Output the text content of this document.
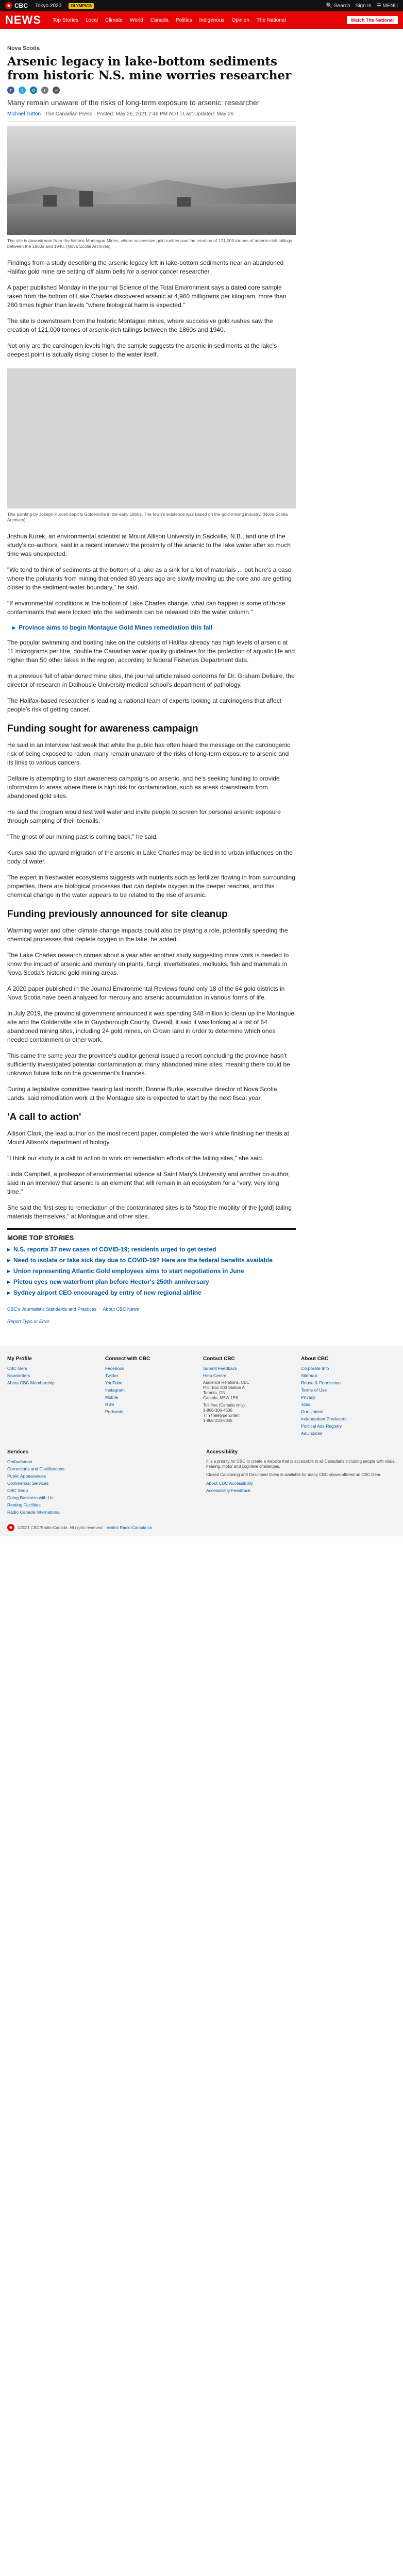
CBC Tokyo 2020	OLYMPICS	🔍 Search Sign In ☰ MENU
NEWS Top Stories Local Climate World Canada Politics Indigenous Opinion The National	Watch The National
Nova Scotia
Arsenic legacy in lake-bottom sediments from historic N.S. mine worries researcher
f	t	@	r	∞

Many remain unaware of the risks of long-term exposure to arsenic: researcher

Michael Tutton · The Canadian Press · Posted: May 26, 2021 2:46 PM ADT | Last Updated: May 26

The site is downstream from the historic Montague Mines, where successive gold rushes saw the creation of 121,000 tonnes of arsenic-rich tailings between the 1860s and 1940. (Nova Scotia Archives)

Findings from a study describing the arsenic legacy left in lake-bottom sediments near an abandoned Halifax gold mine are setting off alarm bells for a senior cancer researcher.

A paper published Monday in the journal Science of the Total Environment says a dated core sample taken from the bottom of Lake Charles discovered arsenic at 4,960 milligrams per kilogram, more than 280 times higher than levels "where biological harm is expected."

The site is downstream from the historic Montague mines, where successive gold rushes saw the creation of 121,000 tonnes of arsenic-rich tailings between the 1860s and 1940.

Not only are the carcinogen levels high, the sample suggests the arsenic in sediments at the lake's deepest point is actually rising closer to the water itself.

This painting by Joseph Purcell depicts Goldenville in the early 1860s. The town's existence was based on the gold mining industry. (Nova Scotia Archives)

Joshua Kurek, an environmental scientist at Mount Allison University in Sackville, N.B., and one of the study's co-authors, said in a recent interview the proximity of the arsenic to the lake water after so much time was unexpected.

"We tend to think of sediments at the bottom of a lake as a sink for a lot of materials ... but here's a case where the pollutants from mining that ended 80 years ago are slowly moving up the core and are getting closer to the sediment-water boundary," he said.

"If environmental conditions at the bottom of Lake Charles change, what can happen is some of those contaminants that were locked into the sediments can be released into the water column."

▸ Province aims to begin Montague Gold Mines remediation this fall

The popular swimming and boating lake on the outskirts of Halifax already has high levels of arsenic at 11 micrograms per litre, double the Canadian water quality guidelines for the protection of aquatic life and higher than 50 other lakes in the region, according to federal Fisheries Department data.

In a previous full of abandoned mine sites, the journal article raised concerns for Dr. Graham Dellaire, the director of research in Dalhousie University medical school's department of pathology.

The Halifax-based researcher is leading a national team of experts looking at carcinogens that affect people's risk of getting cancer.

Funding sought for awareness campaign

He said in an interview last week that while the public has often heard the message on the carcinogenic risk of being exposed to radon, many remain unaware of the risks of long-term exposure to arsenic and its links to various cancers.

Dellaire is attempting to start awareness campaigns on arsenic, and he's seeking funding to provide information to areas where there is high risk for contamination, such as areas downstream from abandoned gold sites.

He said the program would test well water and invite people to screen for personal arsenic exposure through sampling of their toenails.

"The ghost of our mining past is coming back," he said.

Kurek said the upward migration of the arsenic in Lake Charles may be tied in to urban influences on the body of water.

The expert in freshwater ecosystems suggests with nutrients such as fertilizer flowing in from surrounding properties, there are biological processes that can deplete oxygen in the deeper reaches, and this chemical change in the water appears to be related to the rise of arsenic.

Funding previously announced for site cleanup

Warming water and other climate change impacts could also be playing a role, potentially speeding the chemical processes that deplete oxygen in the lake, he added.

The Lake Charles research comes about a year after another study suggesting more work is needed to know the impact of arsenic and mercury on plants, fungi, invertebrates, mollusks, fish and mammals in Nova Scotia's historic gold mining areas.

A 2020 paper published in the Journal Environmental Reviews found only 18 of the 64 gold districts in Nova Scotia have been analyzed for mercury and arsenic accumulation in various forms of life.

In July 2019, the provincial government announced it was spending $48 million to clean up the Montague site and the Goldenville site in Guysborough County. Overall, it said it was looking at a list of 64 abandoned mining sites, including 24 gold mines, on Crown land in order to determine which ones needed containment or other work.

This came the same year the province's auditor general issued a report concluding the province hasn't sufficiently investigated potential contamination at many abandoned mine sites, meaning there could be unknown future tolls on the government's finances.

During a legislative committee hearing last month, Donnie Burke, executive director of Nova Scotia Lands, said remediation work at the Montague site is expected to start by the next fiscal year.

'A call to action'

Allison Clark, the lead author on the most recent paper, completed the work while finishing her thesis at Mount Allison's department of biology.

"I think our study is a call to action to work on remediation efforts of the tailing sites," she said.

Linda Campbell, a professor of environmental science at Saint Mary's University and another co-author, said in an interview that arsenic is an element that will remain in an ecosystem for a "very, very long time."

She said the first step to remediation of the contaminated sites is to "stop the mobility of the [gold] tailing materials themselves," at Montague and other sites.

MORE TOP STORIES
▸ N.S. reports 37 new cases of COVID-19; residents urged to get tested
▸ Need to isolate or take sick day due to COVID-19? Here are the federal benefits available
▸ Union representing Atlantic Gold employees aims to start negotiations in June
▸ Pictou eyes new waterfront plan before Hector's 250th anniversary
▸ Sydney airport CEO encouraged by entry of new regional airline
CBC's Journalistic Standards and Practices About CBC News
Report Typo or Error
My Profile
CBC Gem
Newsletters
About CBC Membership
Connect with CBC
Facebook
Twitter
YouTube
Instagram
Mobile
RSS
Podcasts
Contact CBC
Submit Feedback
Help Centre
Audience Relations, CBC
P.O. Box 500 Station A
Toronto, ON
Canada, M5W 1E6
Toll-free (Canada only):
1-866-306-4636
TTY/Teletype writer:
1-866-220-6045
About CBC
Corporate Info
Sitemap
Reuse & Permission
Terms of Use
Privacy
Jobs
Our Unions
Independent Producers
Political Ads Registry
AdChoices
Services
Ombudsman
Corrections and Clarifications
Public Appearances
Commercial Services
CBC Shop
Doing Business with Us
Renting Facilities
Radio Canada International
Accessibility

It is a priority for CBC to create a website that is accessible to all Canadians including people with visual, hearing, motor and cognitive challenges.

Closed Captioning and Described Video is available for many CBC shows offered on CBC Gem.

About CBC Accessibility
Accessibility Feedback
©2021 CBC/Radio-Canada. All rights reserved. Visitez Radio-Canada.ca
